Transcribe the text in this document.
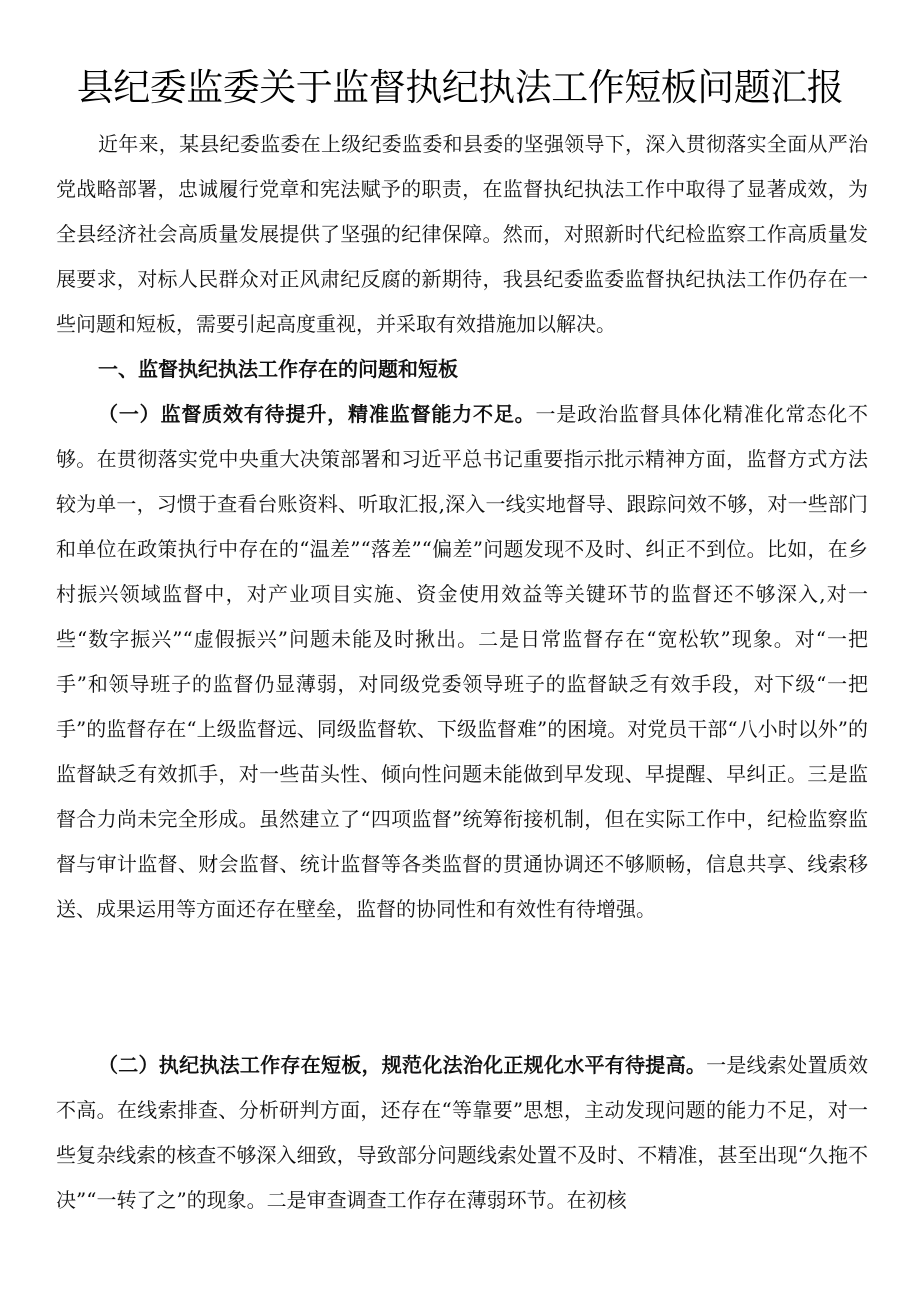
县纪委监委关于监督执纪执法工作短板问题汇报

近年来，某县纪委监委在上级纪委监委和县委的坚强领导下，深入贯彻落实全面从严治党战略部署，忠诚履行党章和宪法赋予的职责，在监督执纪执法工作中取得了显著成效，为全县经济社会高质量发展提供了坚强的纪律保障。然而，对照新时代纪检监察工作高质量发展要求，对标人民群众对正风肃纪反腐的新期待，我县纪委监委监督执纪执法工作仍存在一些问题和短板，需要引起高度重视，并采取有效措施加以解决。

一、监督执纪执法工作存在的问题和短板

（一）监督质效有待提升，精准监督能力不足。一是政治监督具体化精准化常态化不够。在贯彻落实党中央重大决策部署和习近平总书记重要指示批示精神方面，监督方式方法较为单一，习惯于查看台账资料、听取汇报,深入一线实地督导、跟踪问效不够，对一些部门和单位在政策执行中存在的“温差”“落差”“偏差”问题发现不及时、纠正不到位。比如，在乡村振兴领域监督中，对产业项目实施、资金使用效益等关键环节的监督还不够深入,对一些“数字振兴”“虚假振兴”问题未能及时揪出。二是日常监督存在“宽松软”现象。对“一把手”和领导班子的监督仍显薄弱，对同级党委领导班子的监督缺乏有效手段，对下级“一把手”的监督存在“上级监督远、同级监督软、下级监督难”的困境。对党员干部“八小时以外”的监督缺乏有效抓手，对一些苗头性、倾向性问题未能做到早发现、早提醒、早纠正。三是监督合力尚未完全形成。虽然建立了“四项监督”统筹衔接机制，但在实际工作中，纪检监察监督与审计监督、财会监督、统计监督等各类监督的贯通协调还不够顺畅，信息共享、线索移送、成果运用等方面还存在壁垒，监督的协同性和有效性有待增强。

（二）执纪执法工作存在短板，规范化法治化正规化水平有待提高。一是线索处置质效不高。在线索排查、分析研判方面，还存在“等靠要”思想，主动发现问题的能力不足，对一些复杂线索的核查不够深入细致，导致部分问题线索处置不及时、不精准，甚至出现“久拖不决”“一转了之”的现象。二是审查调查工作存在薄弱环节。在初核
